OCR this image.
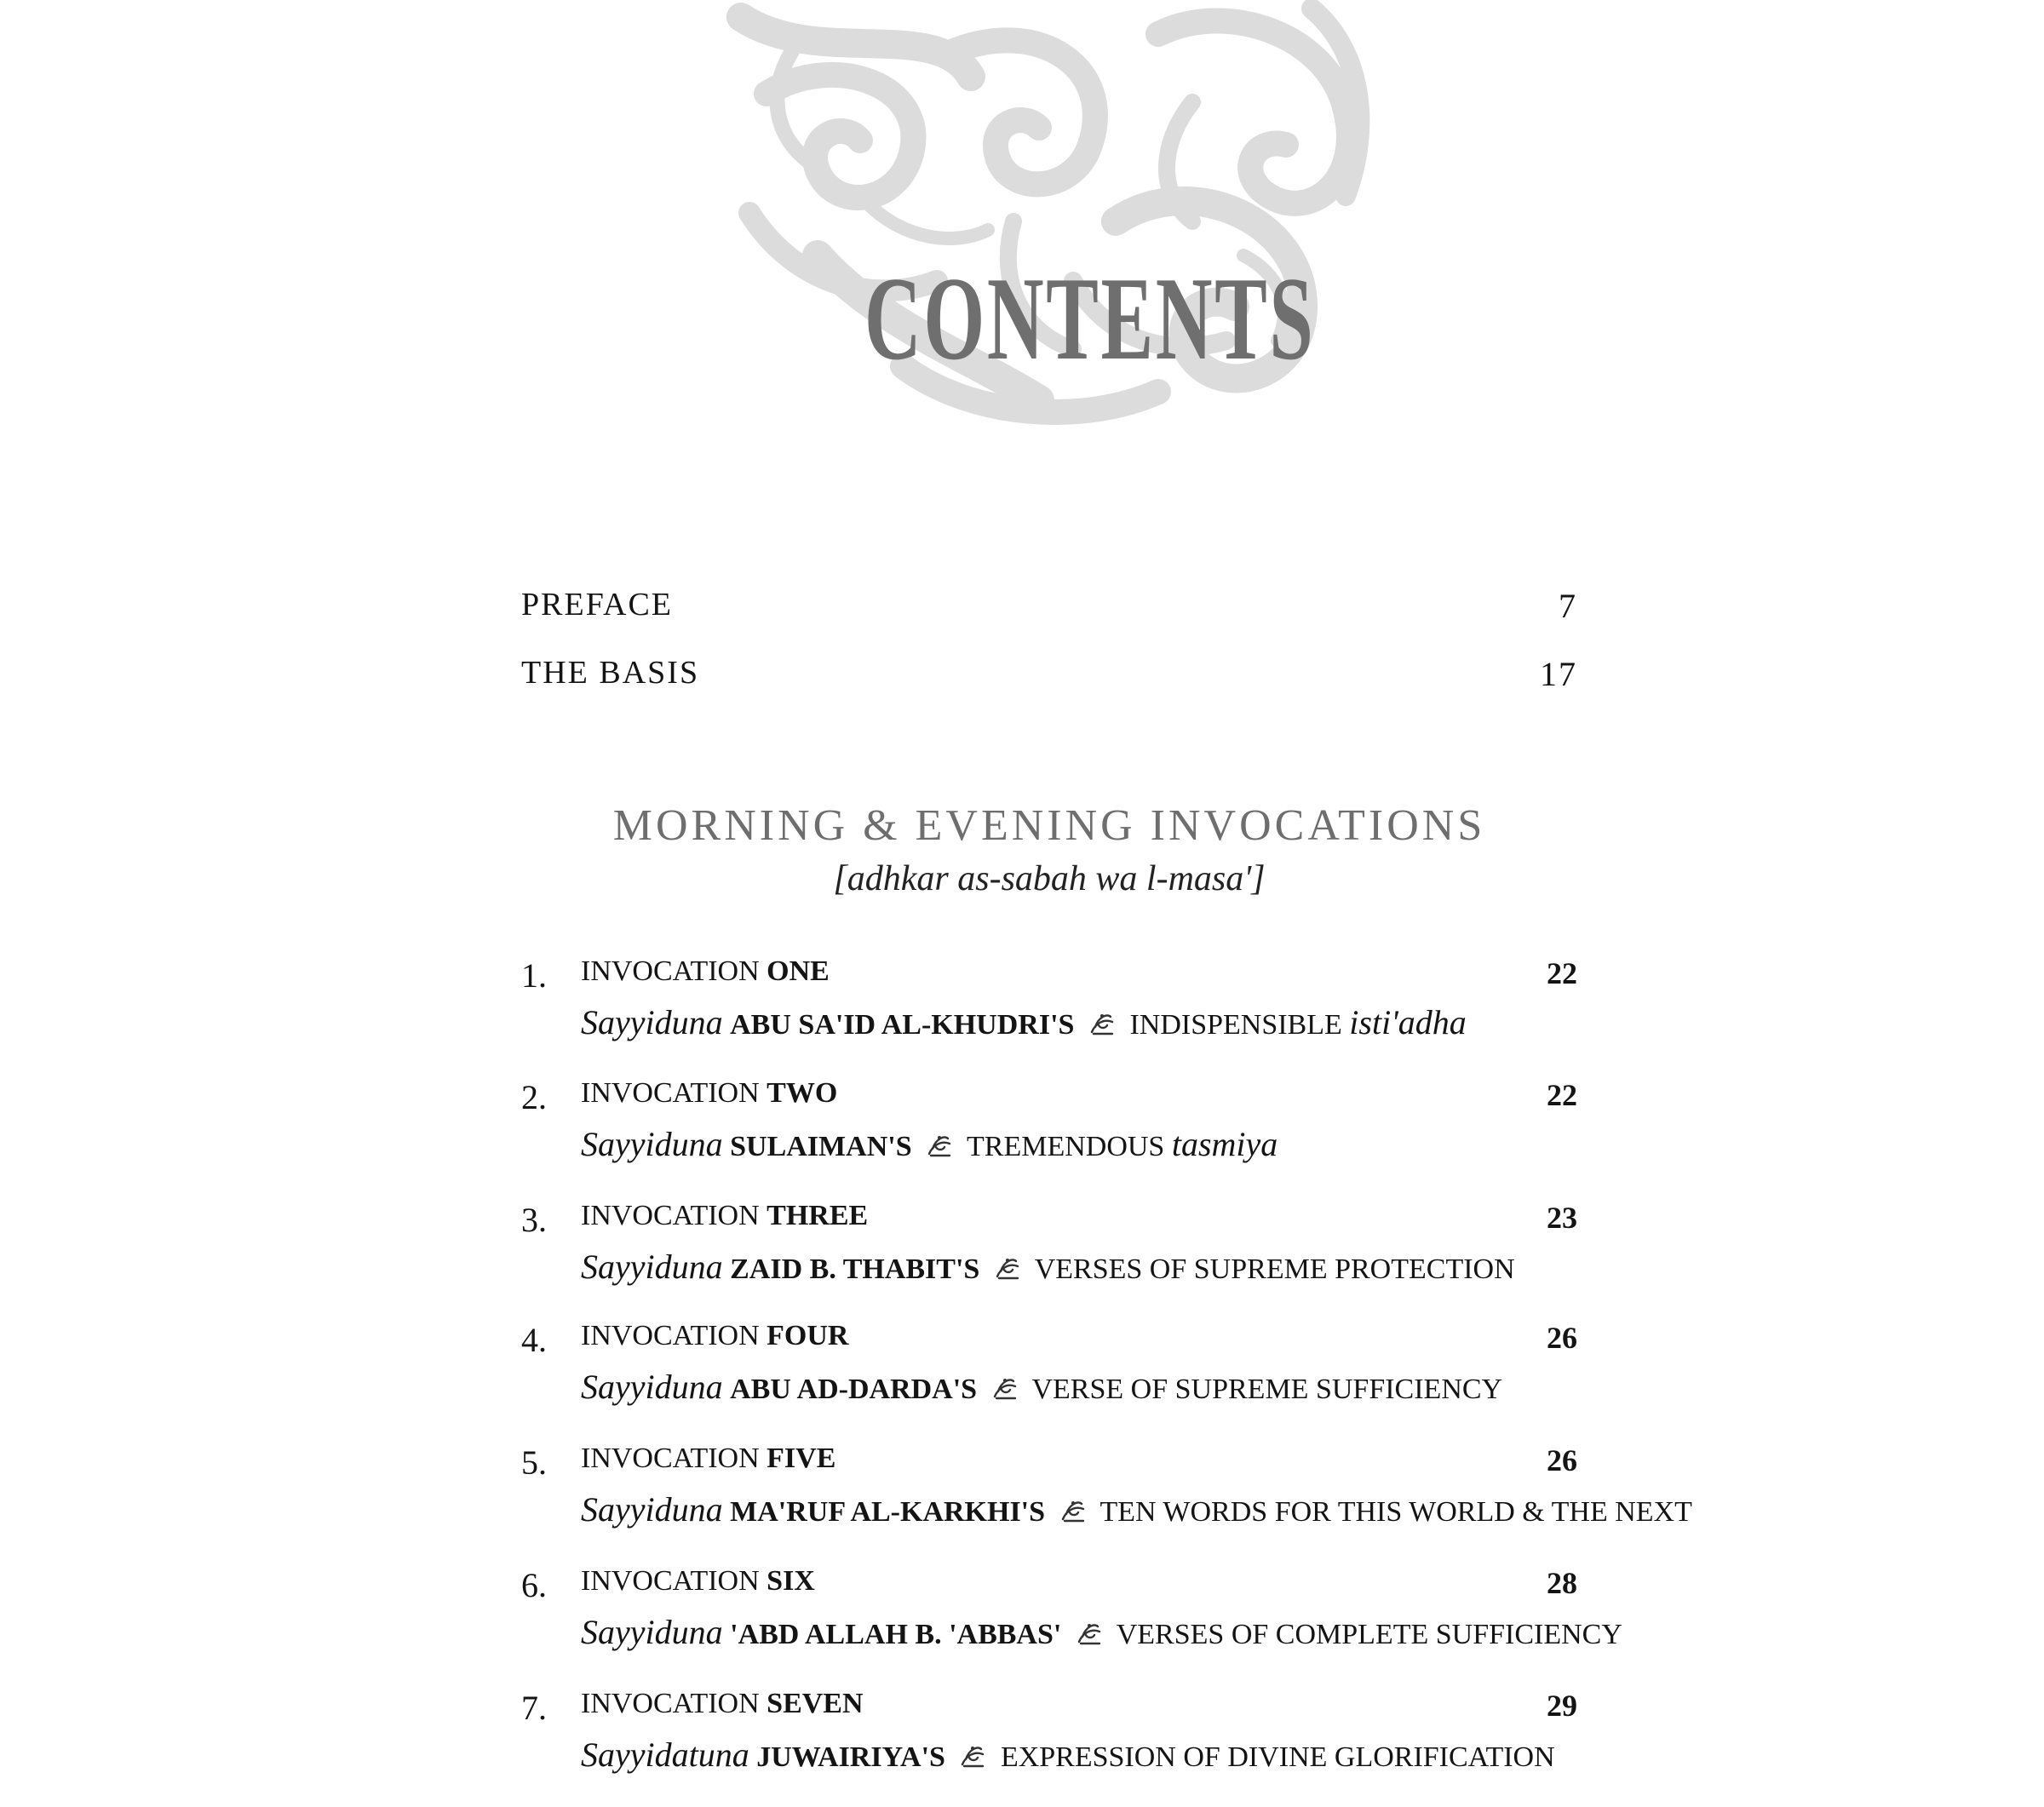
CONTENTS
PREFACE	7
THE BASIS	17
MORNING & EVENING INVOCATIONS
[adhkar as-sabah wa l-masa']
1. INVOCATION ONE	22
Sayyiduna ABU SA'ID AL-KHUDRI'S INDISPENSIBLE isti'adha
2. INVOCATION TWO	22
Sayyiduna SULAIMAN'S TREMENDOUS tasmiya
3. INVOCATION THREE	23
Sayyiduna ZAID B. THABIT'S VERSES OF SUPREME PROTECTION
4. INVOCATION FOUR	26
Sayyiduna ABU AD-DARDA'S VERSE OF SUPREME SUFFICIENCY
5. INVOCATION FIVE	26
Sayyiduna MA'RUF AL-KARKHI'S TEN WORDS FOR THIS WORLD & THE NEXT
6. INVOCATION SIX	28
Sayyiduna 'ABD ALLAH B. 'ABBAS' VERSES OF COMPLETE SUFFICIENCY
7. INVOCATION SEVEN	29
Sayyidatuna JUWAIRIYA'S EXPRESSION OF DIVINE GLORIFICATION
